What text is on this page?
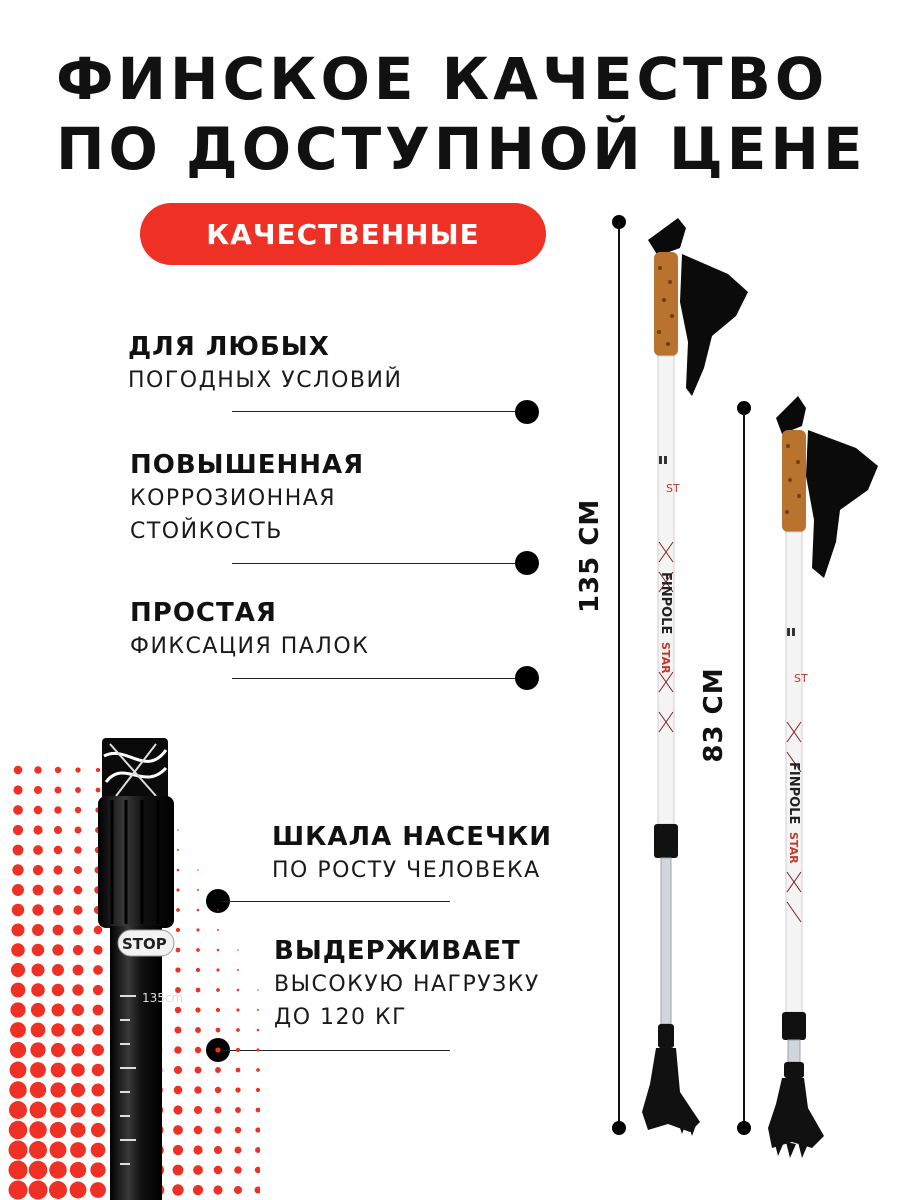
ФИНСКОЕ КАЧЕСТВО
ПО ДОСТУПНОЙ ЦЕНЕ
КАЧЕСТВЕННЫЕ
ДЛЯ ЛЮБЫХ
ПОГОДНЫХ УСЛОВИЙ
ПОВЫШЕННАЯ
КОРРОЗИОННАЯ
СТОЙКОСТЬ
ПРОСТАЯ
ФИКСАЦИЯ ПАЛОК
ШКАЛА НАСЕЧКИ
ПО РОСТУ ЧЕЛОВЕКА
ВЫДЕРЖИВАЕТ
ВЫСОКУЮ НАГРУЗКУ
ДО 120 КГ
STOP
135cm
135 СМ
83 СМ
ST
FINPOLE
STAR
ST
FINPOLE
STAR
